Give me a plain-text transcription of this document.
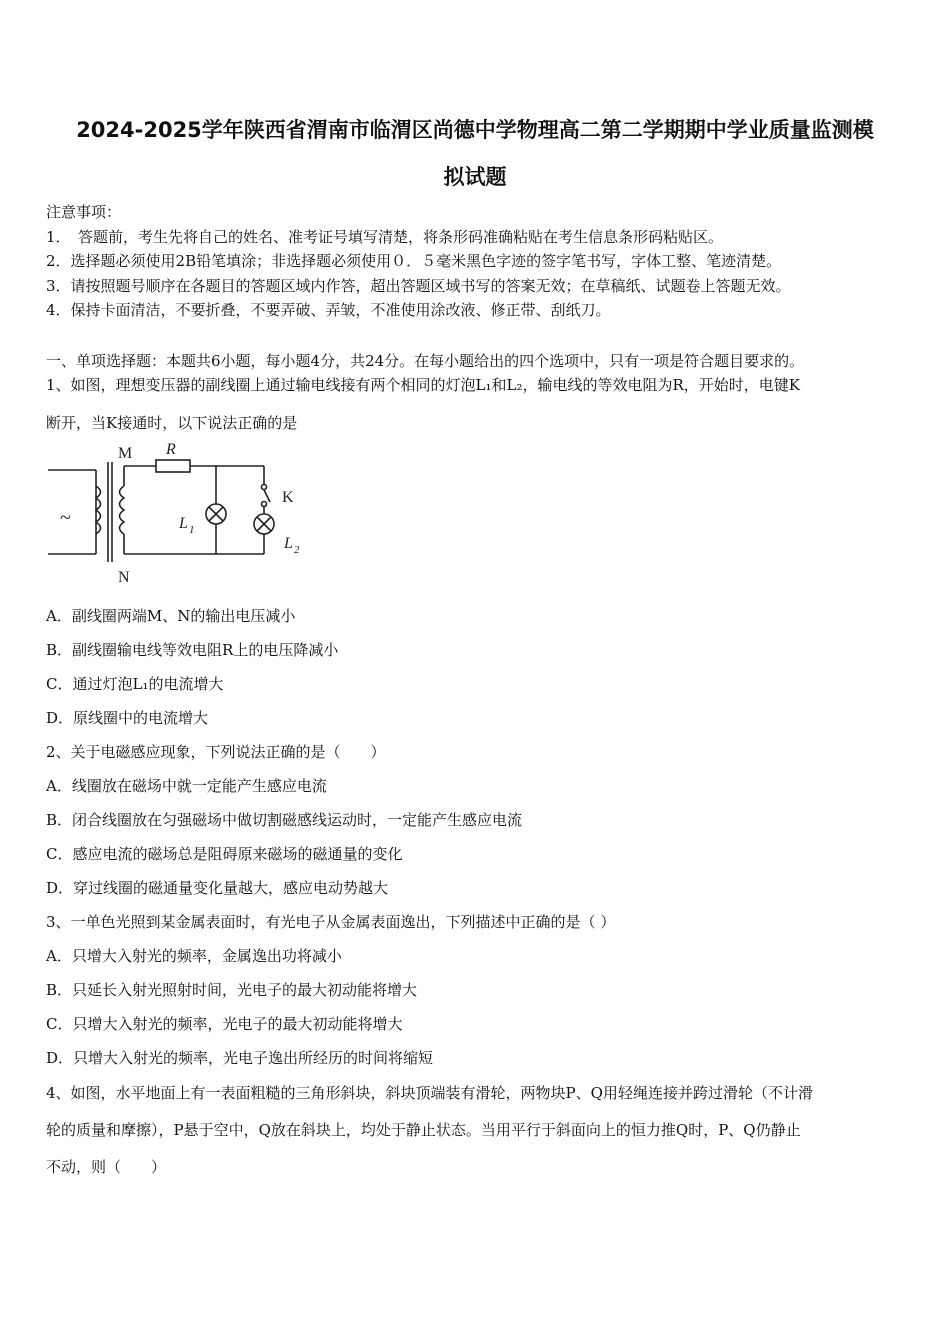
2024-2025学年陕西省渭南市临渭区尚德中学物理高二第二学期期中学业质量监测模
拟试题
注意事项：
1．　答题前，考生先将自己的姓名、准考证号填写清楚，将条形码准确粘贴在考生信息条形码粘贴区。
2．选择题必须使用2B铅笔填涂；非选择题必须使用０．５毫米黑色字迹的签字笔书写，字体工整、笔迹清楚。
3．请按照题号顺序在各题目的答题区域内作答，超出答题区域书写的答案无效；在草稿纸、试题卷上答题无效。
4．保持卡面清洁，不要折叠，不要弄破、弄皱，不准使用涂改液、修正带、刮纸刀。
一、单项选择题：本题共6小题，每小题4分，共24分。在每小题给出的四个选项中，只有一项是符合题目要求的。
1、如图，理想变压器的副线圈上通过输电线接有两个相同的灯泡L₁和L₂，输电线的等效电阻为R，开始时，电键K
断开，当K接通时，以下说法正确的是
~
M
N
R
K
L 1
L 2
A．副线圈两端M、N的输出电压减小
B．副线圈输电线等效电阻R上的电压降减小
C．通过灯泡L₁的电流增大
D．原线圈中的电流增大
2、关于电磁感应现象，下列说法正确的是（　　）
A．线圈放在磁场中就一定能产生感应电流
B．闭合线圈放在匀强磁场中做切割磁感线运动时，一定能产生感应电流
C．感应电流的磁场总是阻碍原来磁场的磁通量的变化
D．穿过线圈的磁通量变化量越大，感应电动势越大
3、一单色光照到某金属表面时，有光电子从金属表面逸出，下列描述中正确的是（ ）
A．只增大入射光的频率，金属逸出功将减小
B．只延长入射光照射时间，光电子的最大初动能将增大
C．只增大入射光的频率，光电子的最大初动能将增大
D．只增大入射光的频率，光电子逸出所经历的时间将缩短
4、如图，水平地面上有一表面粗糙的三角形斜块，斜块顶端装有滑轮，两物块P、Q用轻绳连接并跨过滑轮（不计滑
轮的质量和摩擦），P悬于空中，Q放在斜块上，均处于静止状态。当用平行于斜面向上的恒力推Q时，P、Q仍静止
不动，则（　　）
